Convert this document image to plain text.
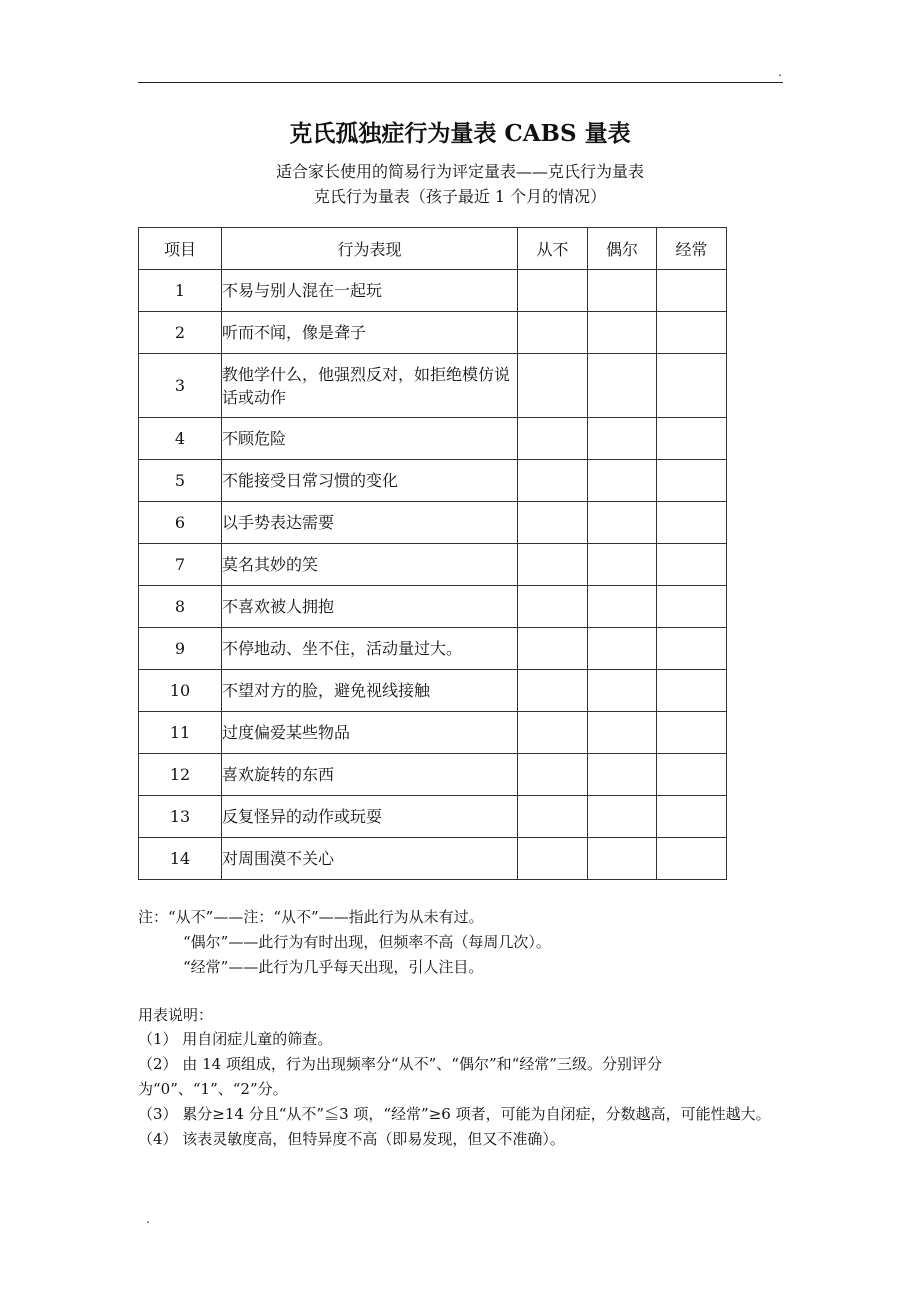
.
克氏孤独症行为量表 CABS 量表
适合家长使用的简易行为评定量表——克氏行为量表
克氏行为量表（孩子最近 1 个月的情况）
项目	行为表现	从不	偶尔	经常
1	不易与别人混在一起玩			
2	听而不闻，像是聋子			
3	教他学什么，他强烈反对，如拒绝模仿说话或动作			
4	不顾危险			
5	不能接受日常习惯的变化			
6	以手势表达需要			
7	莫名其妙的笑			
8	不喜欢被人拥抱			
9	不停地动、坐不住，活动量过大。			
10	不望对方的脸，避免视线接触			
11	过度偏爱某些物品			
12	喜欢旋转的东西			
13	反复怪异的动作或玩耍			
14	对周围漠不关心			
注：“从不”——注：“从不”——指此行为从未有过。
“偶尔”——此行为有时出现，但频率不高（每周几次）。
“经常”——此行为几乎每天出现，引人注目。
用表说明：
（1） 用自闭症儿童的筛查。
（2） 由 14 项组成，行为出现频率分“从不”、“偶尔”和“经常”三级。分别评分为“0”、“1”、“2”分。
（3） 累分≥14 分且“从不”≦3 项，“经常”≥6 项者，可能为自闭症，分数越高，可能性越大。
（4） 该表灵敏度高，但特异度不高（即易发现，但又不准确）。
.
